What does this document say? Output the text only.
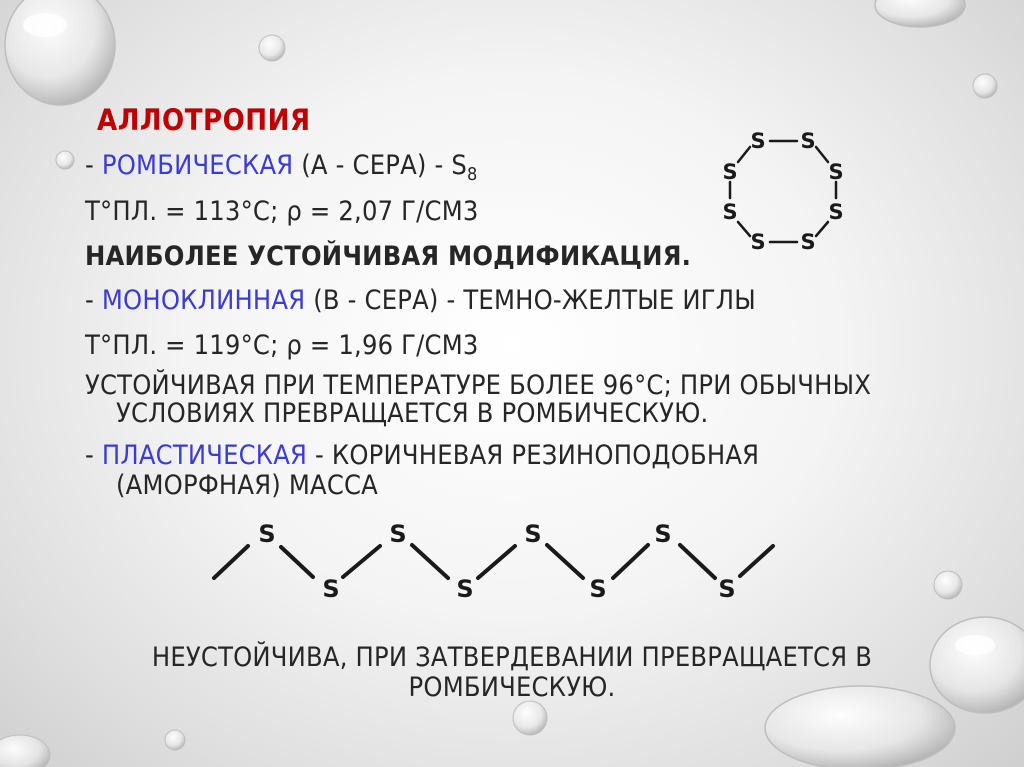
АЛЛОТРОПИЯ
- РОМБИЧЕСКАЯ (А - СЕРА) - $S_8$
Т°ПЛ. = 113°С; ρ = 2,07 Г/СМ3
НАИБОЛЕЕ УСТОЙЧИВАЯ МОДИФИКАЦИЯ.
- МОНОКЛИННАЯ (В - СЕРА) - ТЕМНО-ЖЕЛТЫЕ ИГЛЫ
Т°ПЛ. = 119°С; ρ = 1,96 Г/СМ3
УСТОЙЧИВАЯ ПРИ ТЕМПЕРАТУРЕ БОЛЕЕ 96°С; ПРИ ОБЫЧНЫХ
УСЛОВИЯХ ПРЕВРАЩАЕТСЯ В РОМБИЧЕСКУЮ.
- ПЛАСТИЧЕСКАЯ - КОРИЧНЕВАЯ РЕЗИНОПОДОБНАЯ
(АМОРФНАЯ) МАССА
НЕУСТОЙЧИВА, ПРИ ЗАТВЕРДЕВАНИИ ПРЕВРАЩАЕТСЯ В
РОМБИЧЕСКУЮ.
S S
S
S
S
S
S
S
S
S
S
S
S
S
S
S
